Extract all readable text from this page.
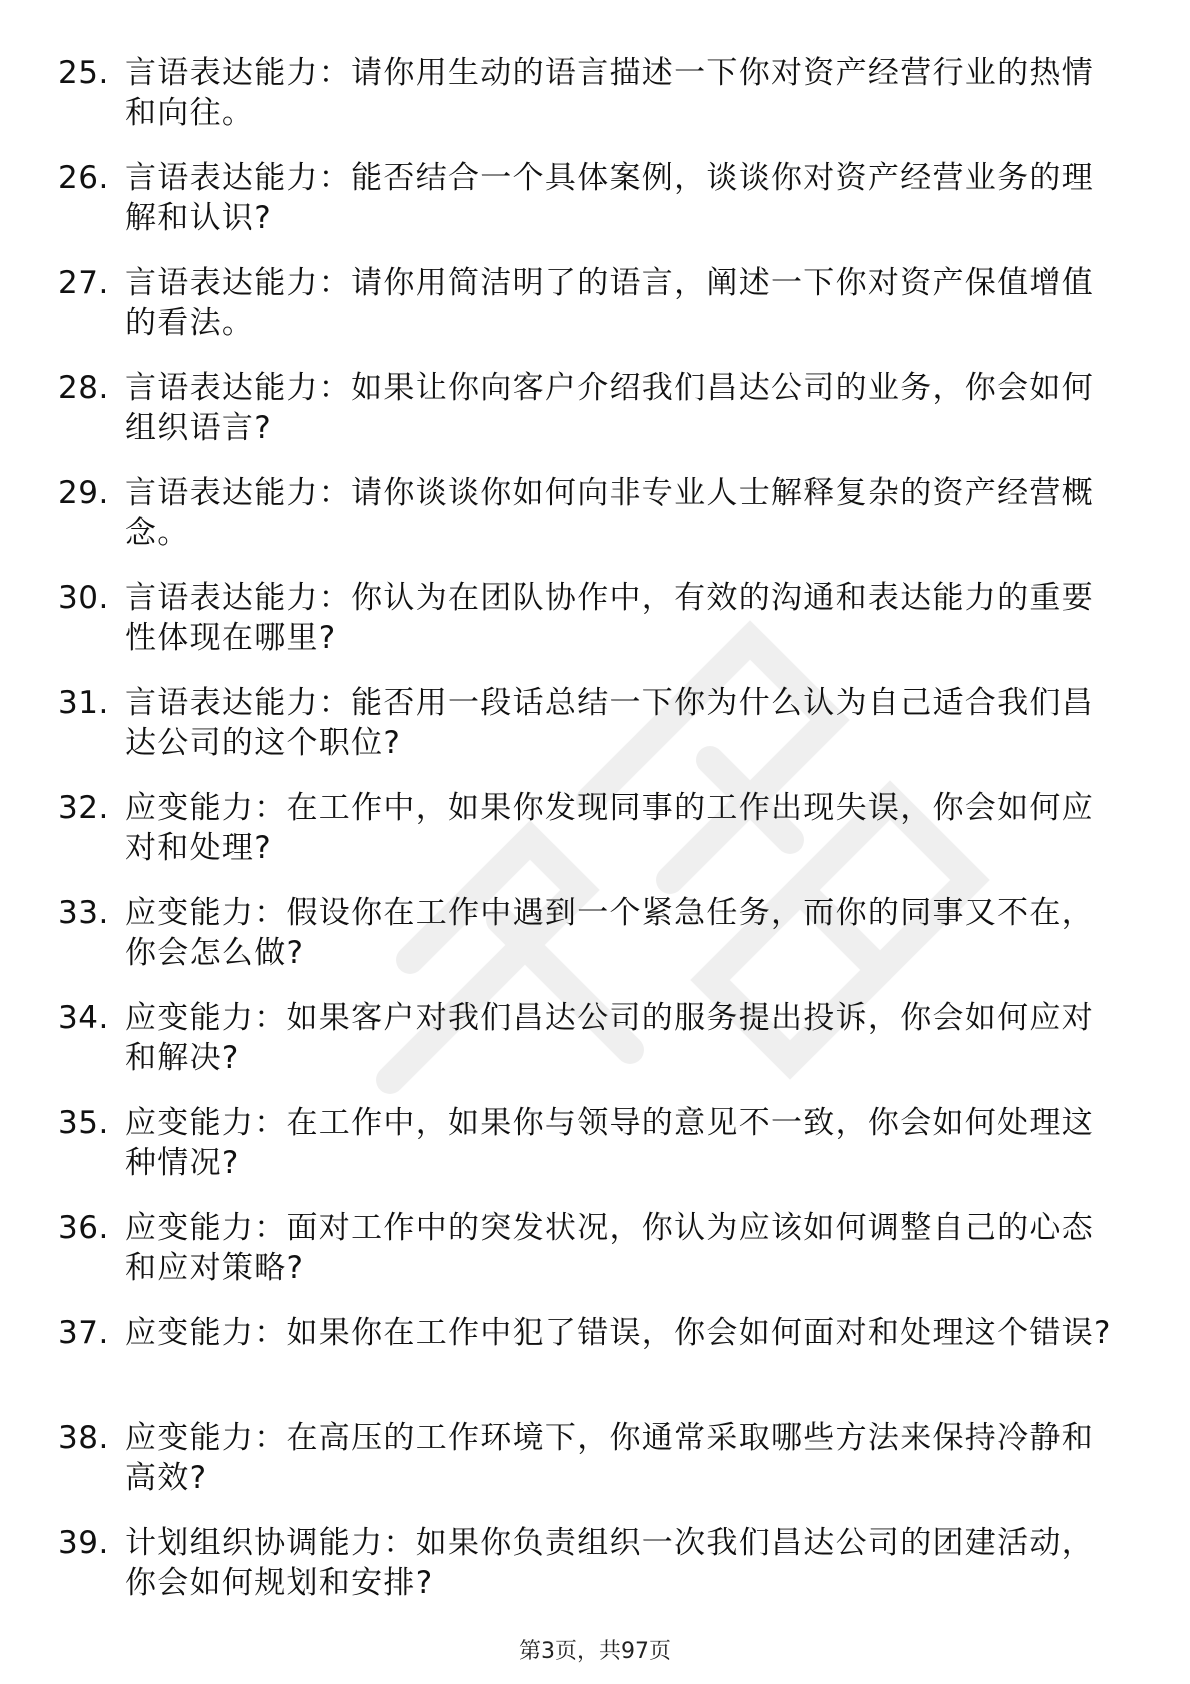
25. 言语表达能力：请你用生动的语言描述一下你对资产经营行业的热情和向往。
26. 言语表达能力：能否结合一个具体案例，谈谈你对资产经营业务的理解和认识?
27. 言语表达能力：请你用简洁明了的语言，阐述一下你对资产保值增值的看法。
28. 言语表达能力：如果让你向客户介绍我们昌达公司的业务，你会如何组织语言?
29. 言语表达能力：请你谈谈你如何向非专业人士解释复杂的资产经营概念。
30. 言语表达能力：你认为在团队协作中，有效的沟通和表达能力的重要性体现在哪里?
31. 言语表达能力：能否用一段话总结一下你为什么认为自己适合我们昌达公司的这个职位?
32. 应变能力：在工作中，如果你发现同事的工作出现失误，你会如何应对和处理?
33. 应变能力：假设你在工作中遇到一个紧急任务，而你的同事又不在，你会怎么做?
34. 应变能力：如果客户对我们昌达公司的服务提出投诉，你会如何应对和解决?
35. 应变能力：在工作中，如果你与领导的意见不一致，你会如何处理这种情况?
36. 应变能力：面对工作中的突发状况，你认为应该如何调整自己的心态和应对策略?
37. 应变能力：如果你在工作中犯了错误，你会如何面对和处理这个错误?
38. 应变能力：在高压的工作环境下，你通常采取哪些方法来保持冷静和高效?
39. 计划组织协调能力：如果你负责组织一次我们昌达公司的团建活动，你会如何规划和安排?
第3页，共97页
